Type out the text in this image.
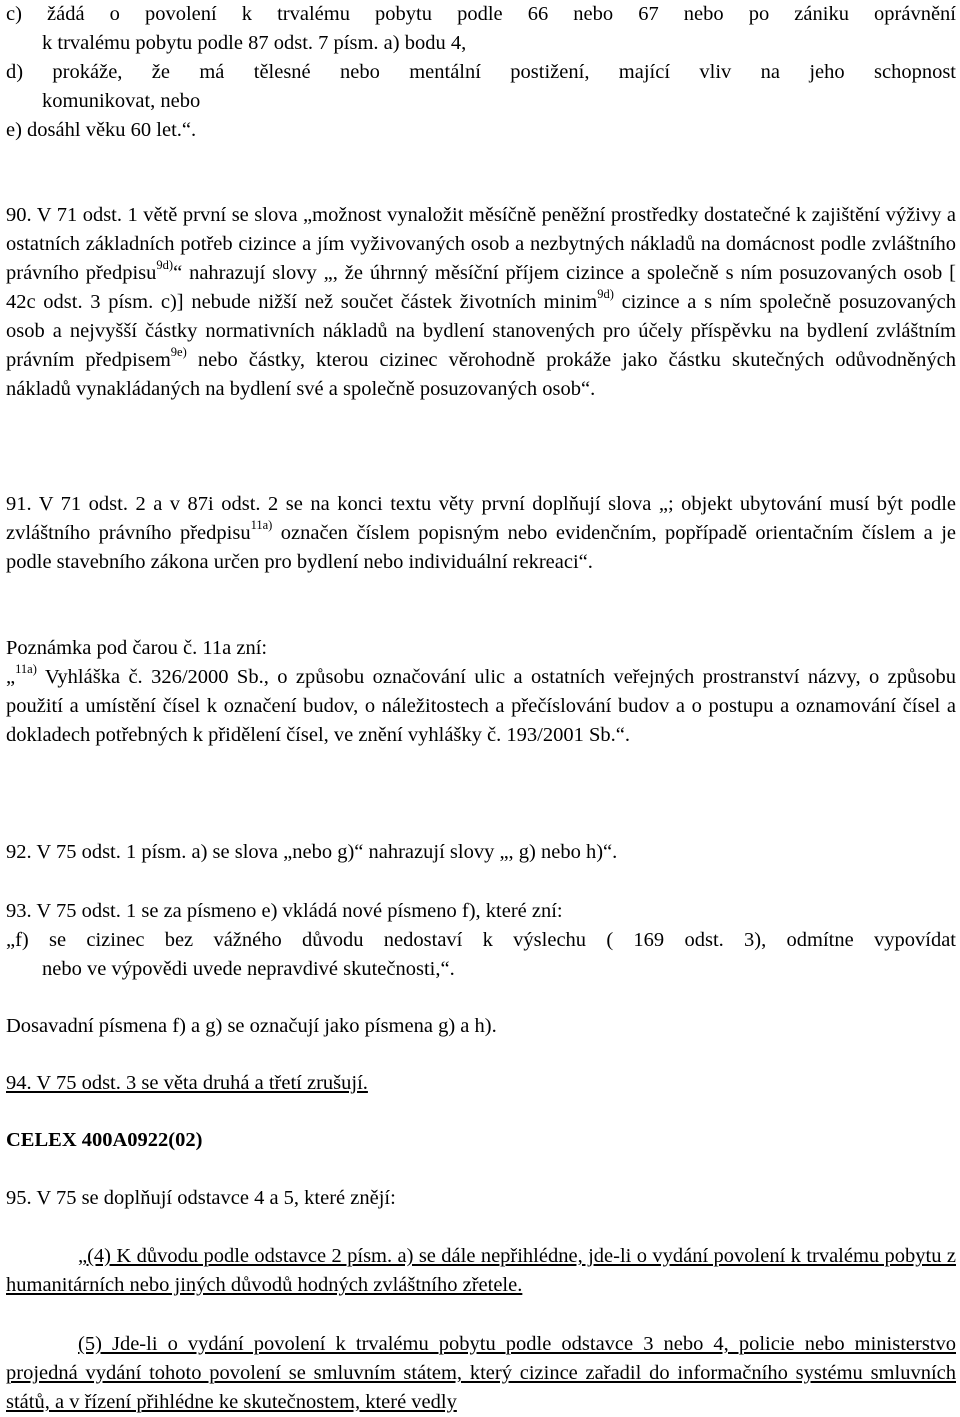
c) žádá o povolení k trvalému pobytu podle 66 nebo 67 nebo po zániku oprávnění

k trvalému pobytu podle 87 odst. 7 písm. a) bodu 4,

d) prokáže, že má tělesné nebo mentální postižení, mající vliv na jeho schopnost

komunikovat, nebo

e) dosáhl věku 60 let.“.

90. V 71 odst. 1 větě první se slova „možnost vynaložit měsíčně peněžní prostředky dostatečné k zajištění výživy a ostatních základních potřeb cizince a jím vyživovaných osob a nezbytných nákladů na domácnost podle zvláštního právního předpisu$^{9d)}$“ nahrazují slovy „, že úhrnný měsíční příjem cizince a společně s ním posuzovaných osob [ 42c odst. 3 písm. c)] nebude nižší než součet částek životních minim$^{9d)}$ cizince a s ním společně posuzovaných osob a nejvyšší částky normativních nákladů na bydlení stanovených pro účely příspěvku na bydlení zvláštním právním předpisem$^{9e)}$ nebo částky, kterou cizinec věrohodně prokáže jako částku skutečných odůvodněných nákladů vynakládaných na bydlení své a společně posuzovaných osob“.

91. V 71 odst. 2 a v 87i odst. 2 se na konci textu věty první doplňují slova „; objekt ubytování musí být podle zvláštního právního předpisu$^{11a)}$ označen číslem popisným nebo evidenčním, popřípadě orientačním číslem a je podle stavebního zákona určen pro bydlení nebo individuální rekreaci“.

Poznámka pod čarou č. 11a zní:

„$^{11a)}$ Vyhláška č. 326/2000 Sb., o způsobu označování ulic a ostatních veřejných prostranství názvy, o způsobu použití a umístění čísel k označení budov, o náležitostech a přečíslování budov a o postupu a oznamování čísel a dokladech potřebných k přidělení čísel, ve znění vyhlášky č. 193/2001 Sb.“.

92. V 75 odst. 1 písm. a) se slova „nebo g)“ nahrazují slovy „, g) nebo h)“.

93. V 75 odst. 1 se za písmeno e) vkládá nové písmeno f), které zní:

„f) se cizinec bez vážného důvodu nedostaví k výslechu ( 169 odst. 3), odmítne vypovídat

nebo ve výpovědi uvede nepravdivé skutečnosti,“.

Dosavadní písmena f) a g) se označují jako písmena g) a h).

94. V 75 odst. 3 se věta druhá a třetí zrušují.

CELEX 400A0922(02)

95. V 75 se doplňují odstavce 4 a 5, které znějí:

„(4) K důvodu podle odstavce 2 písm. a) se dále nepřihlédne, jde-li o vydání povolení k trvalému pobytu z humanitárních nebo jiných důvodů hodných zvláštního zřetele.

(5) Jde-li o vydání povolení k trvalému pobytu podle odstavce 3 nebo 4, policie nebo ministerstvo projedná vydání tohoto povolení se smluvním státem, který cizince zařadil do informačního systému smluvních států, a v řízení přihlédne ke skutečnostem, které vedly
